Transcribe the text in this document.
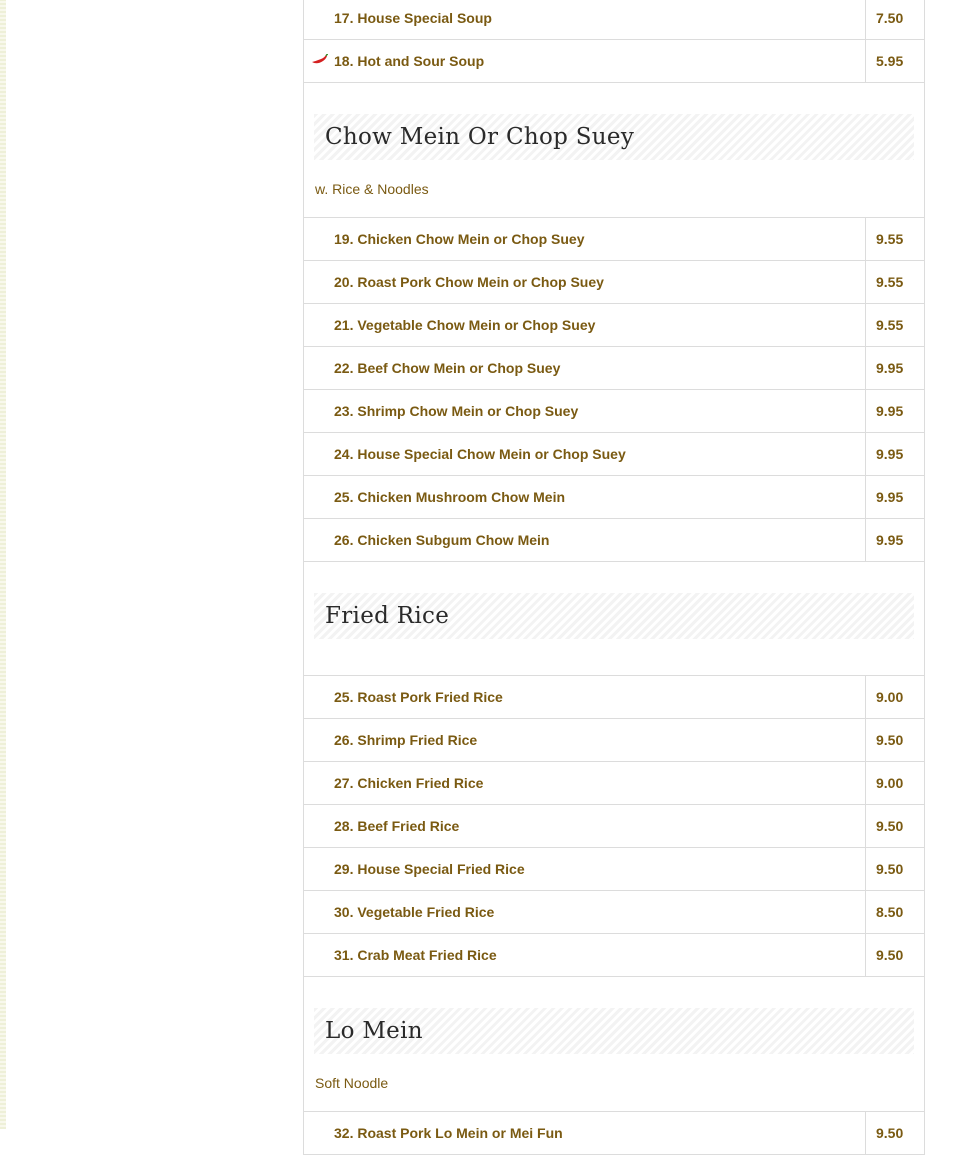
17. House Special Soup	7.50
18. Hot and Sour Soup	5.95
Chow Mein Or Chop Suey
w. Rice & Noodles
19. Chicken Chow Mein or Chop Suey	9.55
20. Roast Pork Chow Mein or Chop Suey	9.55
21. Vegetable Chow Mein or Chop Suey	9.55
22. Beef Chow Mein or Chop Suey	9.95
23. Shrimp Chow Mein or Chop Suey	9.95
24. House Special Chow Mein or Chop Suey	9.95
25. Chicken Mushroom Chow Mein	9.95
26. Chicken Subgum Chow Mein	9.95
Fried Rice
25. Roast Pork Fried Rice	9.00
26. Shrimp Fried Rice	9.50
27. Chicken Fried Rice	9.00
28. Beef Fried Rice	9.50
29. House Special Fried Rice	9.50
30. Vegetable Fried Rice	8.50
31. Crab Meat Fried Rice	9.50
Lo Mein
Soft Noodle
32. Roast Pork Lo Mein or Mei Fun	9.50
